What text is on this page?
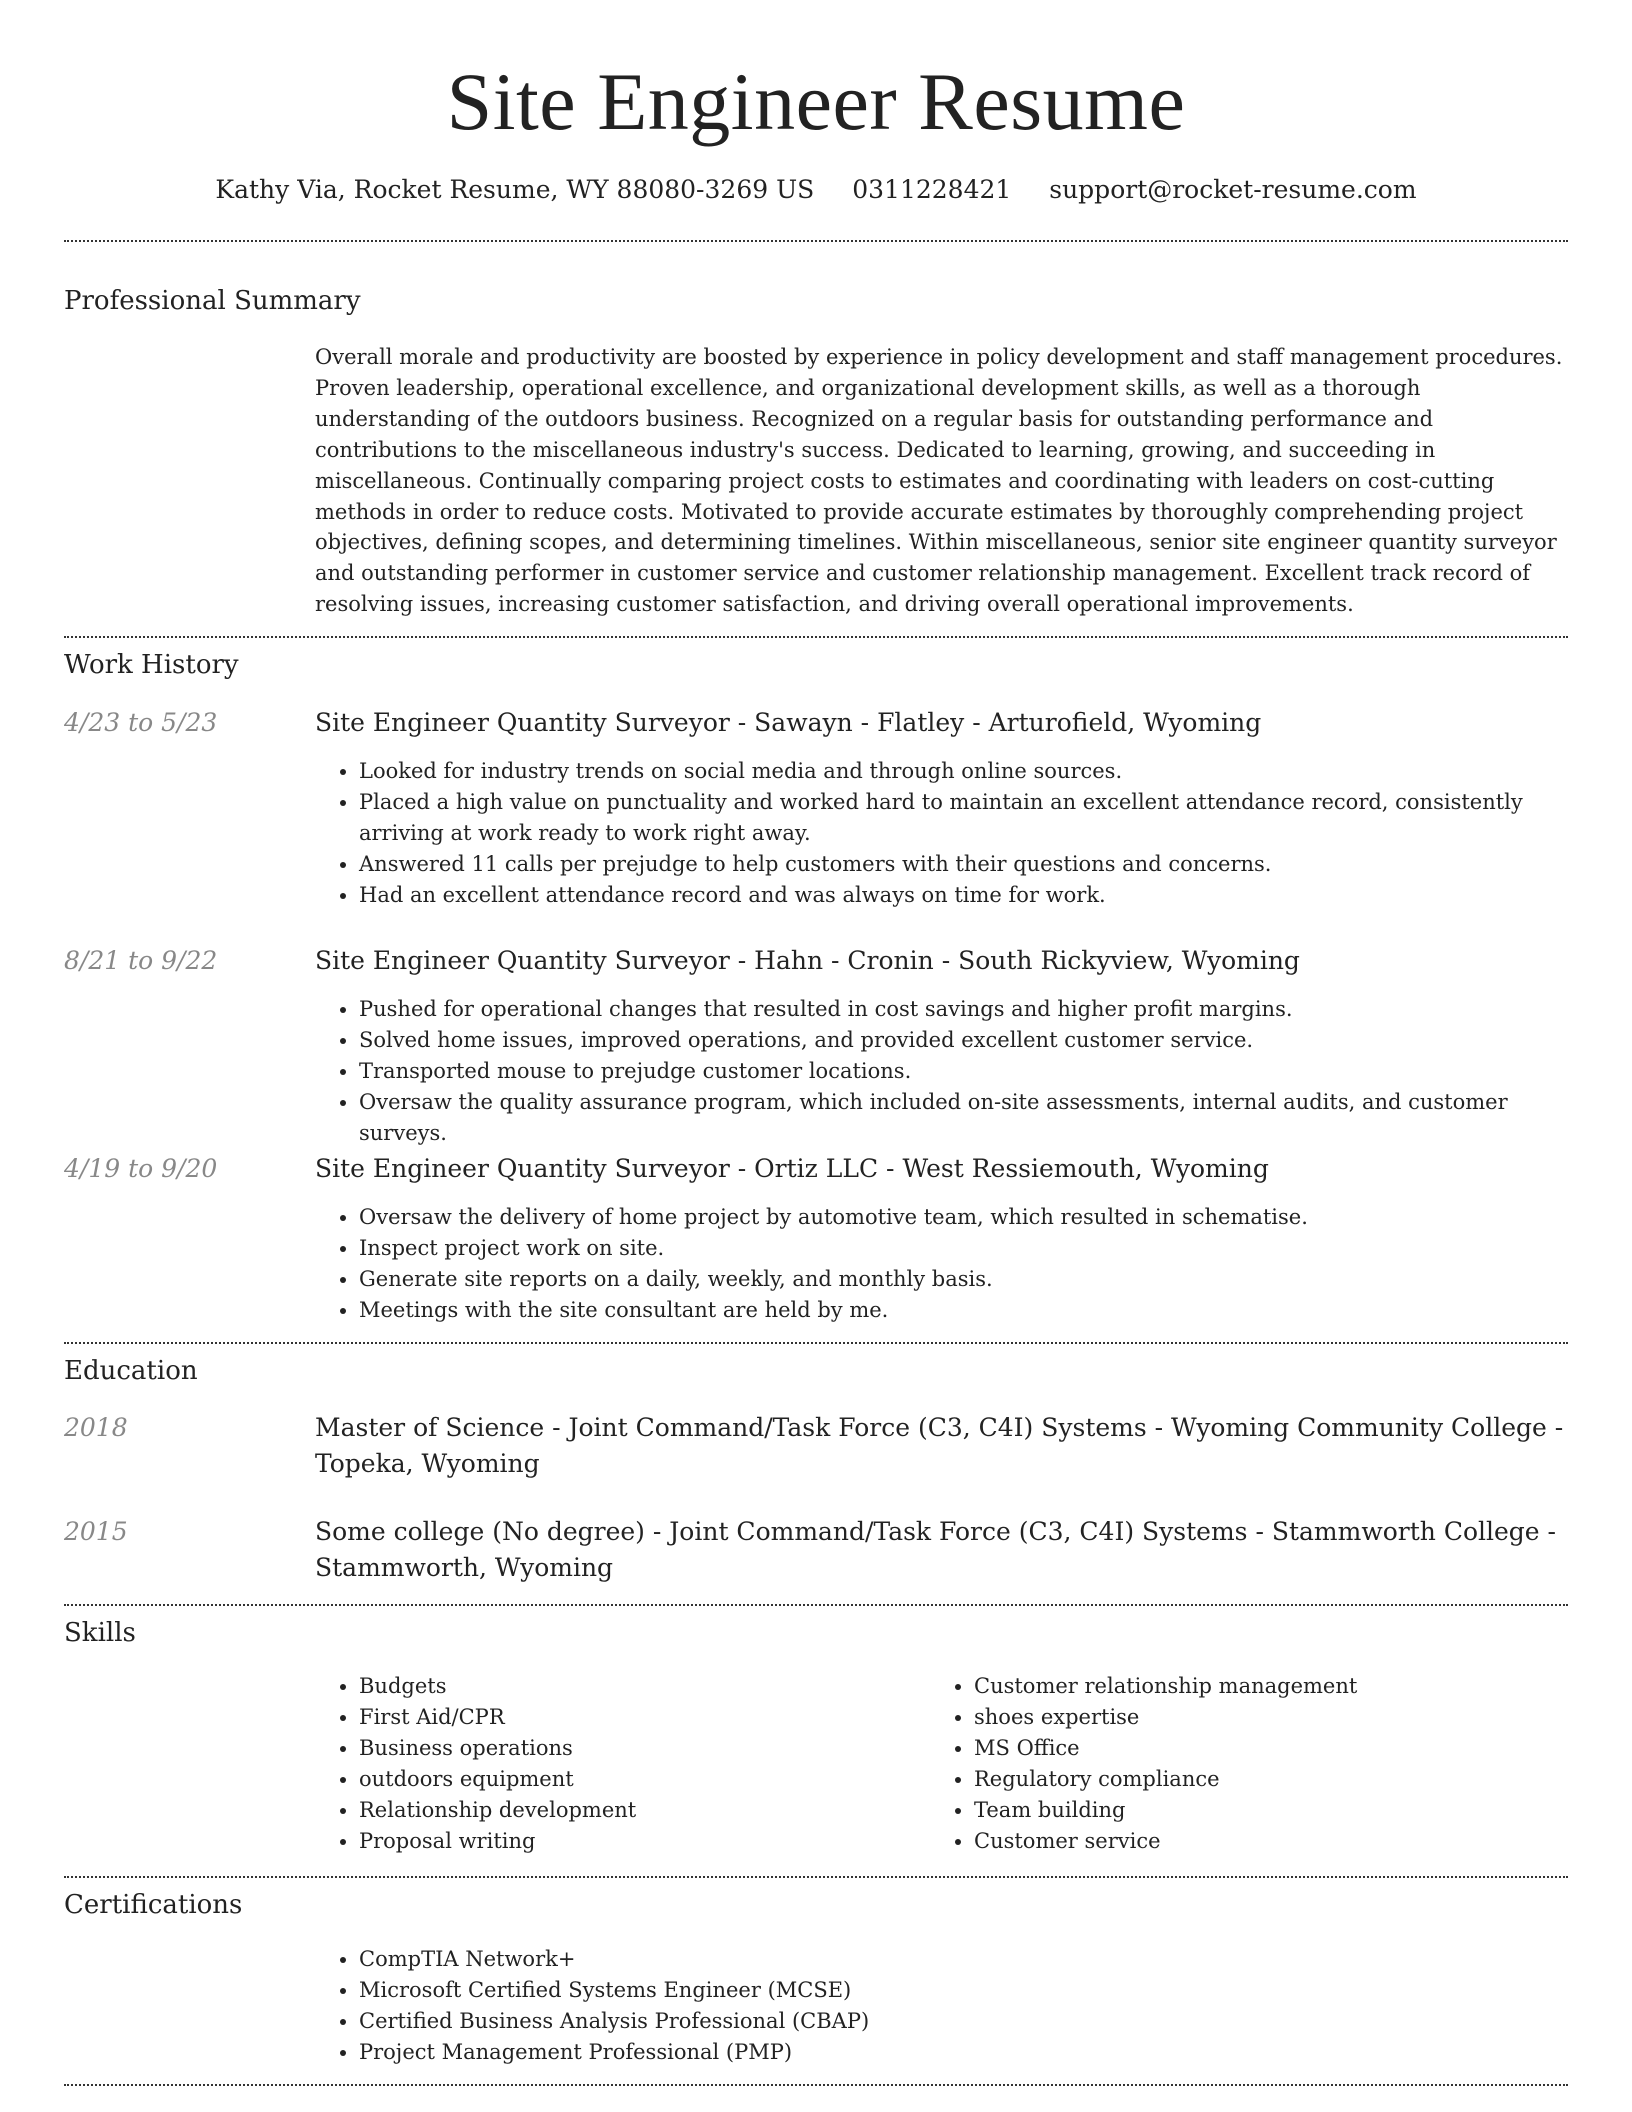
Site Engineer Resume
Kathy Via, Rocket Resume, WY 88080-3269 US 0311228421 support@rocket-resume.com
Professional Summary

Overall morale and productivity are boosted by experience in policy development and staff management procedures. Proven leadership, operational excellence, and organizational development skills, as well as a thorough understanding of the outdoors business. Recognized on a regular basis for outstanding performance and contributions to the miscellaneous industry's success. Dedicated to learning, growing, and succeeding in miscellaneous. Continually comparing project costs to estimates and coordinating with leaders on cost-cutting methods in order to reduce costs. Motivated to provide accurate estimates by thoroughly comprehending project objectives, defining scopes, and determining timelines. Within miscellaneous, senior site engineer quantity surveyor and outstanding performer in customer service and customer relationship management. Excellent track record of resolving issues, increasing customer satisfaction, and driving overall operational improvements.

Work History
4/23 to 5/23	Site Engineer Quantity Surveyor - Sawayn - Flatley - Arturofield, Wyoming
• Looked for industry trends on social media and through online sources.
• Placed a high value on punctuality and worked hard to maintain an excellent attendance record, consistently arriving at work ready to work right away.
• Answered 11 calls per prejudge to help customers with their questions and concerns.
• Had an excellent attendance record and was always on time for work.
8/21 to 9/22	Site Engineer Quantity Surveyor - Hahn - Cronin - South Rickyview, Wyoming
• Pushed for operational changes that resulted in cost savings and higher profit margins.
• Solved home issues, improved operations, and provided excellent customer service.
• Transported mouse to prejudge customer locations.
• Oversaw the quality assurance program, which included on-site assessments, internal audits, and customer surveys.
4/19 to 9/20	Site Engineer Quantity Surveyor - Ortiz LLC - West Ressiemouth, Wyoming
• Oversaw the delivery of home project by automotive team, which resulted in schematise.
• Inspect project work on site.
• Generate site reports on a daily, weekly, and monthly basis.
• Meetings with the site consultant are held by me.
Education
2018	Master of Science - Joint Command/Task Force (C3, C4I) Systems - Wyoming Community College -
Topeka, Wyoming
2015	Some college (No degree) - Joint Command/Task Force (C3, C4I) Systems - Stammworth College -
Stammworth, Wyoming
Skills
• Budgets
• First Aid/CPR
• Business operations
• outdoors equipment
• Relationship development
• Proposal writing
• Customer relationship management
• shoes expertise
• MS Office
• Regulatory compliance
• Team building
• Customer service
Certifications
• CompTIA Network+
• Microsoft Certified Systems Engineer (MCSE)
• Certified Business Analysis Professional (CBAP)
• Project Management Professional (PMP)
